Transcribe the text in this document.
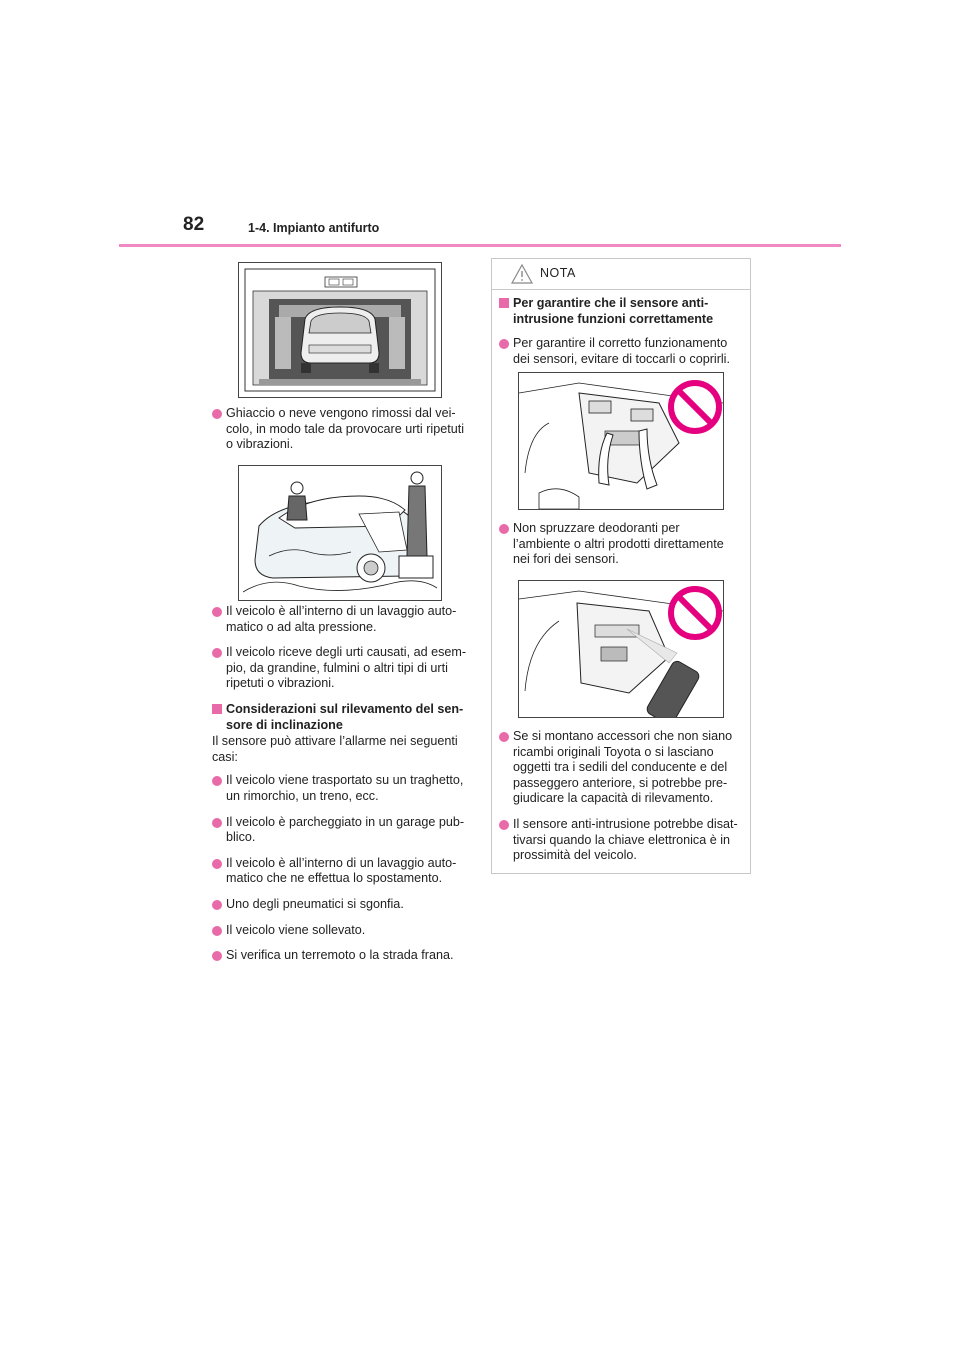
82	1-4. Impianto antifurto

Ghiaccio o neve vengono rimossi dal vei-
colo, in modo tale da provocare urti ripetuti
o vibrazioni.

Il veicolo è all’interno di un lavaggio auto-
matico o ad alta pressione.

Il veicolo riceve degli urti causati, ad esem-
pio, da grandine, fulmini o altri tipi di urti
ripetuti o vibrazioni.

Considerazioni sul rilevamento del sen-
sore di inclinazione

Il sensore può attivare l’allarme nei seguenti
casi:

Il veicolo viene trasportato su un traghetto,
un rimorchio, un treno, ecc.

Il veicolo è parcheggiato in un garage pub-
blico.

Il veicolo è all’interno di un lavaggio auto-
matico che ne effettua lo spostamento.

Uno degli pneumatici si sgonfia.

Il veicolo viene sollevato.

Si verifica un terremoto o la strada frana.

NOTA

Per garantire che il sensore anti-
intrusione funzioni correttamente

Per garantire il corretto funzionamento
dei sensori, evitare di toccarli o coprirli.

Non spruzzare deodoranti per
l’ambiente o altri prodotti direttamente
nei fori dei sensori.

Se si montano accessori che non siano
ricambi originali Toyota o si lasciano
oggetti tra i sedili del conducente e del
passeggero anteriore, si potrebbe pre-
giudicare la capacità di rilevamento.

Il sensore anti-intrusione potrebbe disat-
tivarsi quando la chiave elettronica è in
prossimità del veicolo.
